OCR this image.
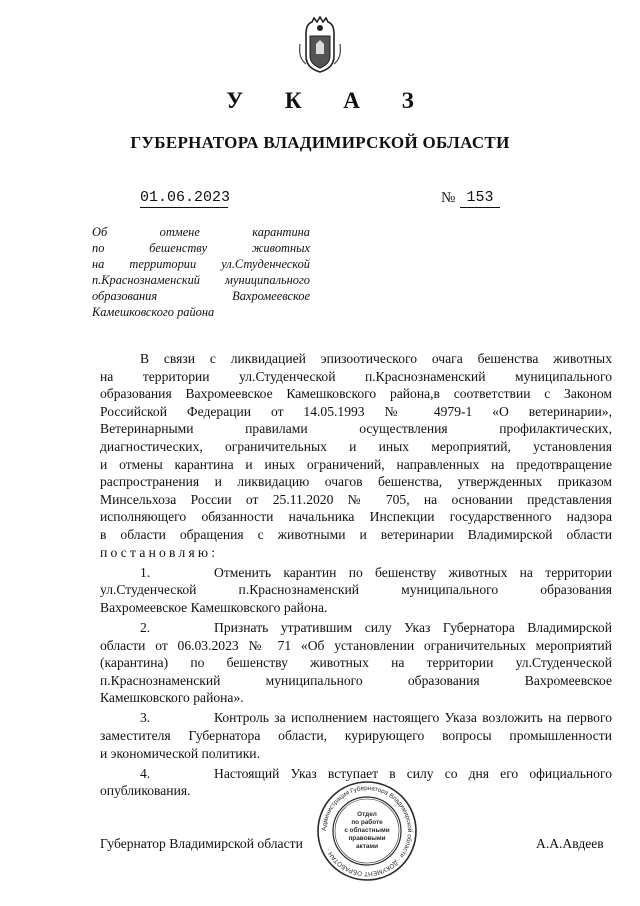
У К А З
ГУБЕРНАТОРА ВЛАДИМИРСКОЙ ОБЛАСТИ
01.06.2023	№ 153
Об отмене карантина
по бешенству животных
на территории ул.Студенческой
п.Краснознаменский муниципального
образования Вахромеевское
Камешковского района

В связи с ликвидацией эпизоотического очага бешенства животных
на территории ул.Студенческой п.Краснознаменский муниципального
образования Вахромеевское Камешковского района,в соответствии с Законом
Российской Федерации от 14.05.1993 № 4979-1 «О ветеринарии»,
Ветеринарными правилами осуществления профилактических,
диагностических, ограничительных и иных мероприятий, установления
и отмены карантина и иных ограничений, направленных на предотвращение
распространения и ликвидацию очагов бешенства, утвержденных приказом
Минсельхоза России от 25.11.2020 № 705, на основании представления
исполняющего обязанности начальника Инспекции государственного надзора
в области обращения с животными и ветеринарии Владимирской области
постановляю:

1.	Отменить карантин по бешенству животных на территории
ул.Студенческой п.Краснознаменский муниципального образования
Вахромеевское Камешковского района.

2.	Признать утратившим силу Указ Губернатора Владимирской
области от 06.03.2023 № 71 «Об установлении ограничительных мероприятий
(карантина) по бешенству животных на территории ул.Студенческой
п.Краснознаменский муниципального образования Вахромеевское
Камешковского района».

3.	Контроль за исполнением настоящего Указа возложить на первого
заместителя Губернатора области, курирующего вопросы промышленности
и экономической политики.

4.	Настоящий Указ вступает в силу со дня его официального
опубликования.

Губернатор Владимирской области	А.А.Авдеев
Администрация Губернатора Владимирской области · ДОКУМЕНТ ОБРАБОТАН ·
Отдел
по работе
с областными
правовыми
актами
